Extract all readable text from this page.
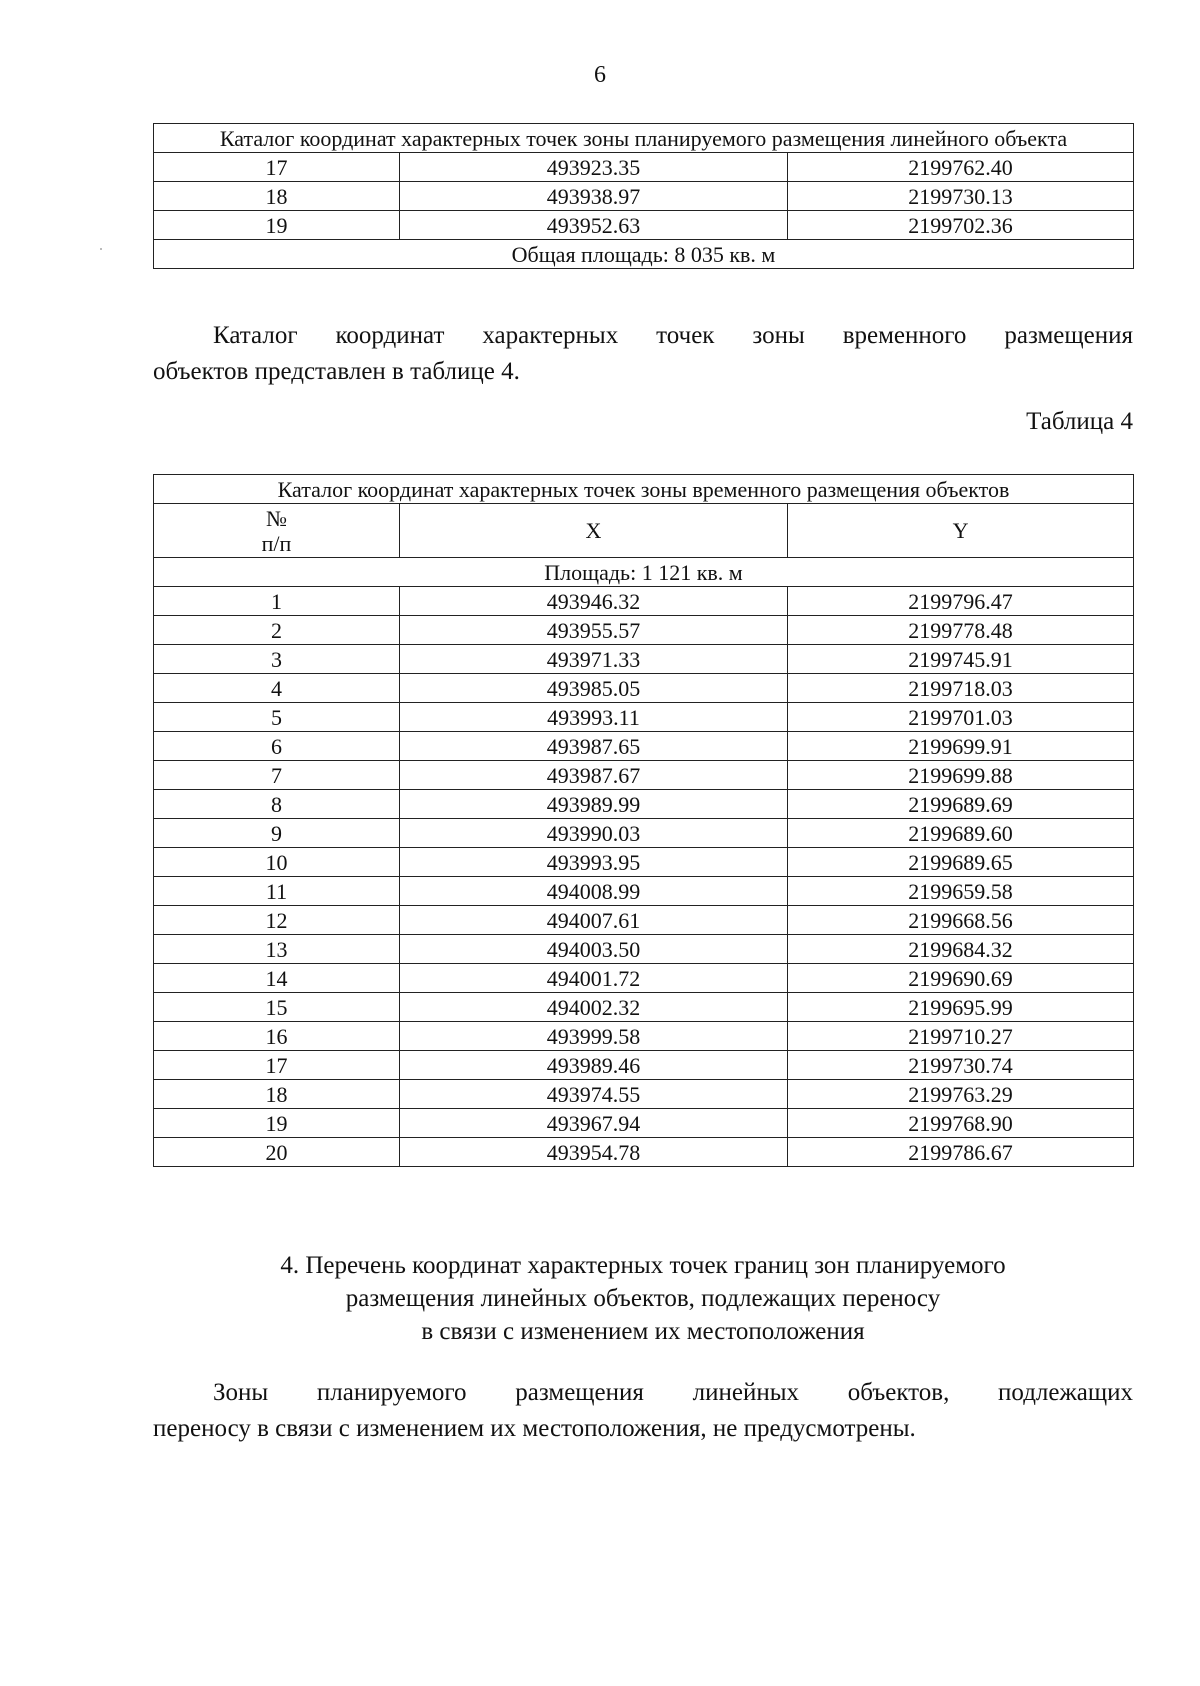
6
Каталог координат характерных точек зоны планируемого размещения линейного объекта		
17	493923.35	2199762.40
18	493938.97	2199730.13
19	493952.63	2199702.36
Общая площадь: 8 035 кв. м		

Каталог координат характерных точек зоны временного размещения
объектов представлен в таблице 4.

Таблица 4
Каталог координат характерных точек зоны временного размещения объектов		

№
п/п	X	Y
Площадь: 1 121 кв. м		
1	493946.32	2199796.47
2	493955.57	2199778.48
3	493971.33	2199745.91
4	493985.05	2199718.03
5	493993.11	2199701.03
6	493987.65	2199699.91
7	493987.67	2199699.88
8	493989.99	2199689.69
9	493990.03	2199689.60
10	493993.95	2199689.65
11	494008.99	2199659.58
12	494007.61	2199668.56
13	494003.50	2199684.32
14	494001.72	2199690.69
15	494002.32	2199695.99
16	493999.58	2199710.27
17	493989.46	2199730.74
18	493974.55	2199763.29
19	493967.94	2199768.90
20	493954.78	2199786.67
4. Перечень координат характерных точек границ зон планируемого
размещения линейных объектов, подлежащих переносу
в связи с изменением их местоположения

Зоны планируемого размещения линейных объектов, подлежащих
переносу в связи с изменением их местоположения, не предусмотрены.
